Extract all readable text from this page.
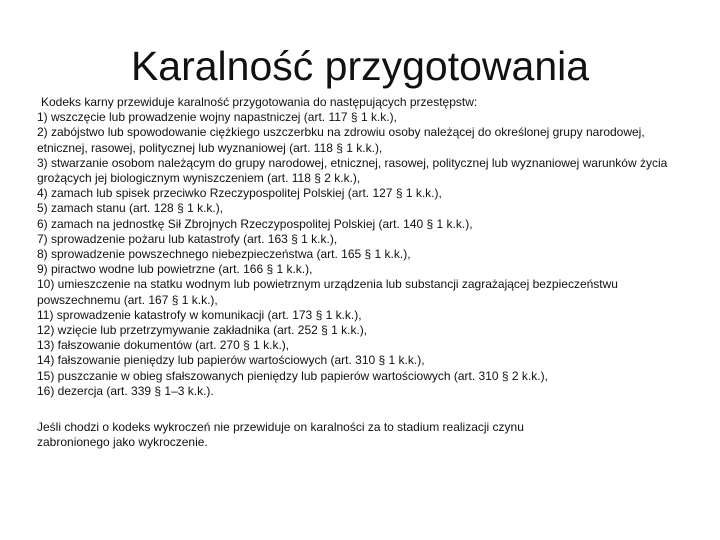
Karalność przygotowania

Kodeks karny przewiduje karalność przygotowania do następujących przestępstw:

1) wszczęcie lub prowadzenie wojny napastniczej (art. 117 § 1 k.k.),
2) zabójstwo lub spowodowanie ciężkiego uszczerbku na zdrowiu osoby należącej do określonej grupy narodowej, etnicznej, rasowej, politycznej lub wyznaniowej (art. 118 § 1 k.k.),
3) stwarzanie osobom należącym do grupy narodowej, etnicznej, rasowej, politycznej lub wyznaniowej warunków życia grożących jej biologicznym wyniszczeniem (art. 118 § 2 k.k.),
4) zamach lub spisek przeciwko Rzeczypospolitej Polskiej (art. 127 § 1 k.k.),
5) zamach stanu (art. 128 § 1 k.k.),
6) zamach na jednostkę Sił Zbrojnych Rzeczypospolitej Polskiej (art. 140 § 1 k.k.),
7) sprowadzenie pożaru lub katastrofy (art. 163 § 1 k.k.),
8) sprowadzenie powszechnego niebezpieczeństwa (art. 165 § 1 k.k.),
9) piractwo wodne lub powietrzne (art. 166 § 1 k.k.),
10) umieszczenie na statku wodnym lub powietrznym urządzenia lub substancji zagrażającej bezpieczeństwu powszechnemu (art. 167 § 1 k.k.),
11) sprowadzenie katastrofy w komunikacji (art. 173 § 1 k.k.),
12) wzięcie lub przetrzymywanie zakładnika (art. 252 § 1 k.k.),
13) fałszowanie dokumentów (art. 270 § 1 k.k.),
14) fałszowanie pieniędzy lub papierów wartościowych (art. 310 § 1 k.k.),
15) puszczanie w obieg sfałszowanych pieniędzy lub papierów wartościowych (art. 310 § 2 k.k.),
16) dezercja (art. 339 § 1–3 k.k.).

Jeśli chodzi o kodeks wykroczeń nie przewiduje on karalności za to stadium realizacji czynu zabronionego jako wykroczenie.
